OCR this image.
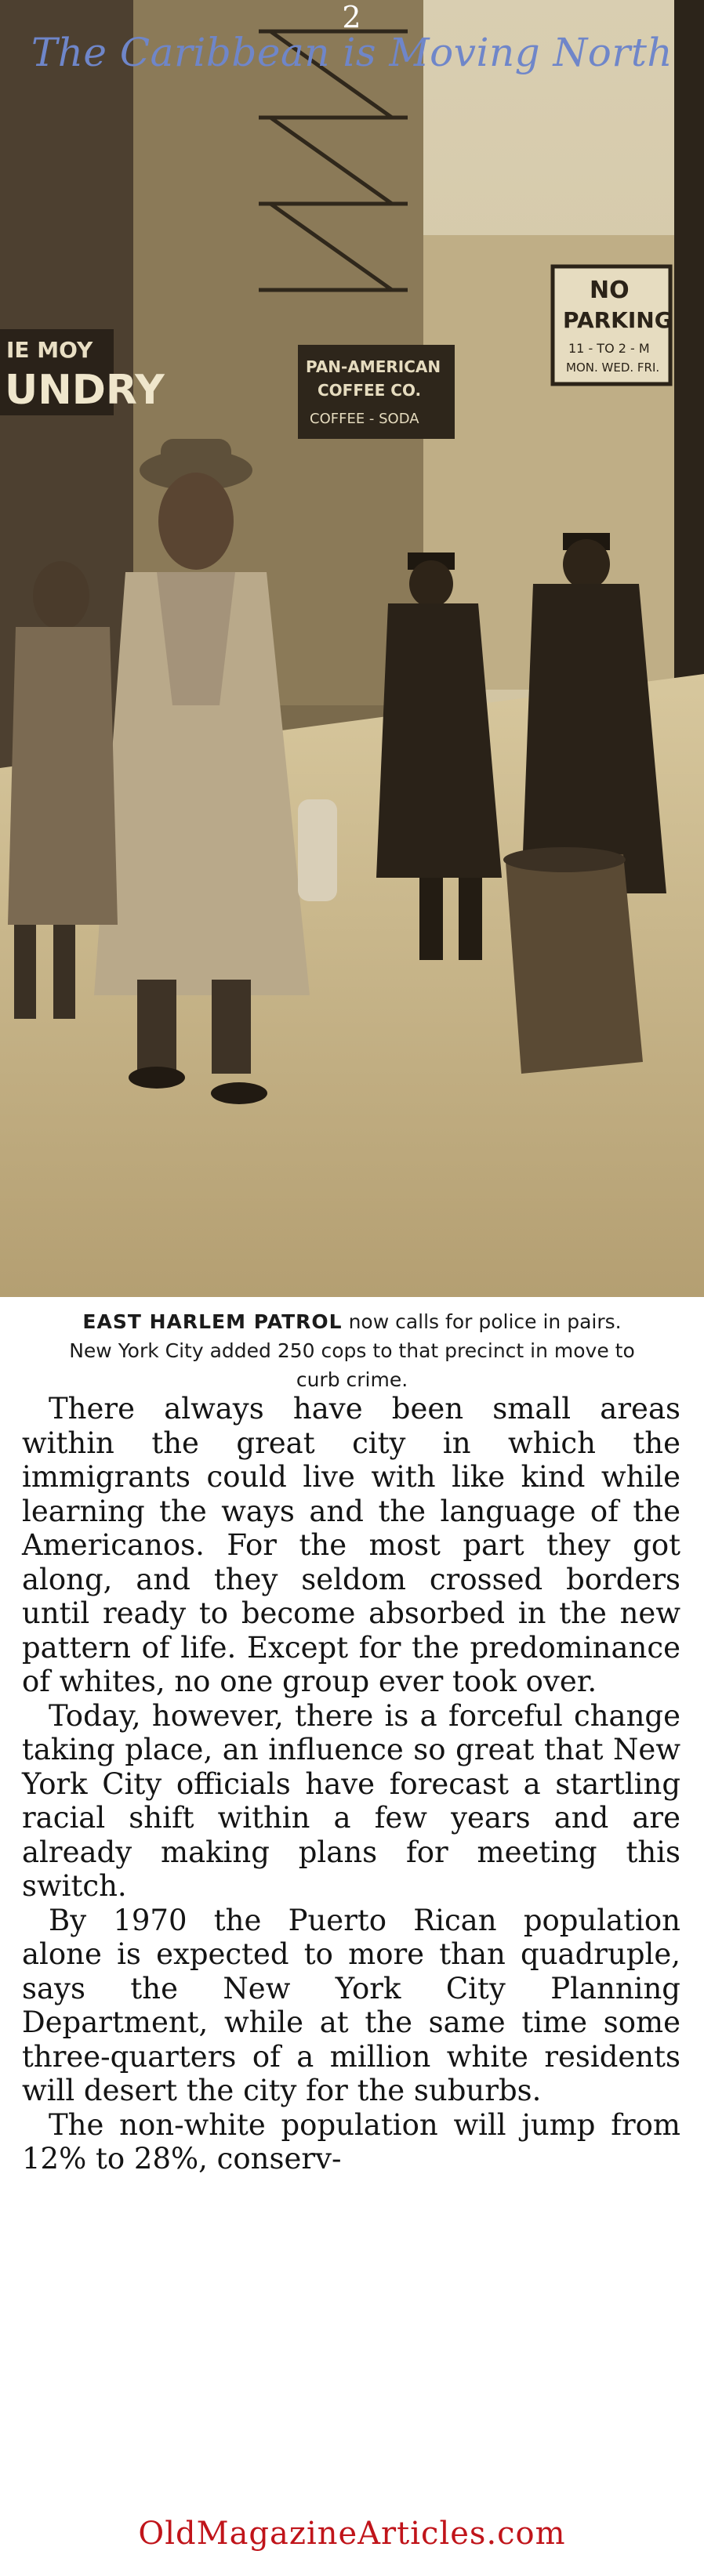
IE MOY
UNDRY	PAN-AMERICAN
COFFEE CO.
COFFEE - SODA
NO
PARKING
11 - TO 2 - M
MON. WED. FRI.
2
The Caribbean is Moving North
EAST HARLEM PATROL now calls for police in pairs.
New York City added 250 cops to that precinct in move to
curb crime.

There always have been small areas within the great city in which the immigrants could live with like kind while learning the ways and the language of the Americanos. For the most part they got along, and they seldom crossed borders until ready to become absorbed in the new pattern of life. Except for the predominance of whites, no one group ever took over.

Today, however, there is a forceful change taking place, an influence so great that New York City officials have forecast a startling racial shift within a few years and are already making plans for meeting this switch.

By 1970 the Puerto Rican population alone is expected to more than quadruple, says the New York City Planning Department, while at the same time some three-quarters of a million white residents will desert the city for the suburbs.

The non-white population will jump from 12% to 28%, conserv-

OldMagazineArticles.com
